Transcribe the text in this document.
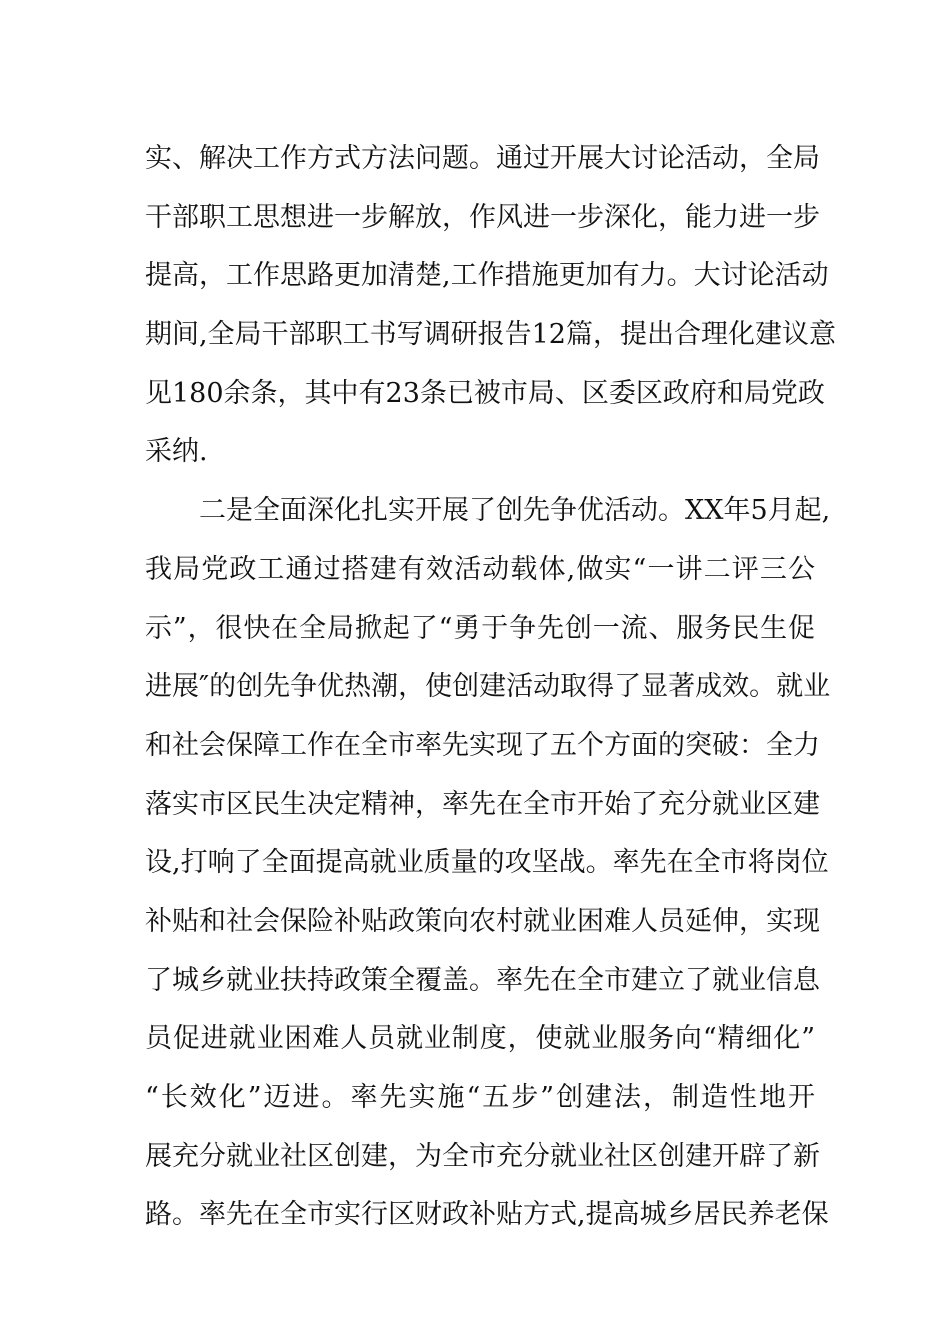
实、解决工作方式方法问题。通过开展大讨论活动，全局
干部职工思想进一步解放，作风进一步深化，能力进一步
提高，工作思路更加清楚,工作措施更加有力。大讨论活动
期间,全局干部职工书写调研报告12篇，提出合理化建议意
见180余条，其中有23条已被市局、区委区政府和局党政
采纳.
二是全面深化扎实开展了创先争优活动。XX年5月起,
我局党政工通过搭建有效活动载体,做实“一讲二评三公
示”，很快在全局掀起了“勇于争先创一流、服务民生促
进展″的创先争优热潮，使创建活动取得了显著成效。就业
和社会保障工作在全市率先实现了五个方面的突破：全力
落实市区民生决定精神，率先在全市开始了充分就业区建
设,打响了全面提高就业质量的攻坚战。率先在全市将岗位
补贴和社会保险补贴政策向农村就业困难人员延伸，实现
了城乡就业扶持政策全覆盖。率先在全市建立了就业信息
员促进就业困难人员就业制度，使就业服务向“精细化”
“长效化”迈进。率先实施“五步”创建法，制造性地开
展充分就业社区创建，为全市充分就业社区创建开辟了新
路。率先在全市实行区财政补贴方式,提高城乡居民养老保
